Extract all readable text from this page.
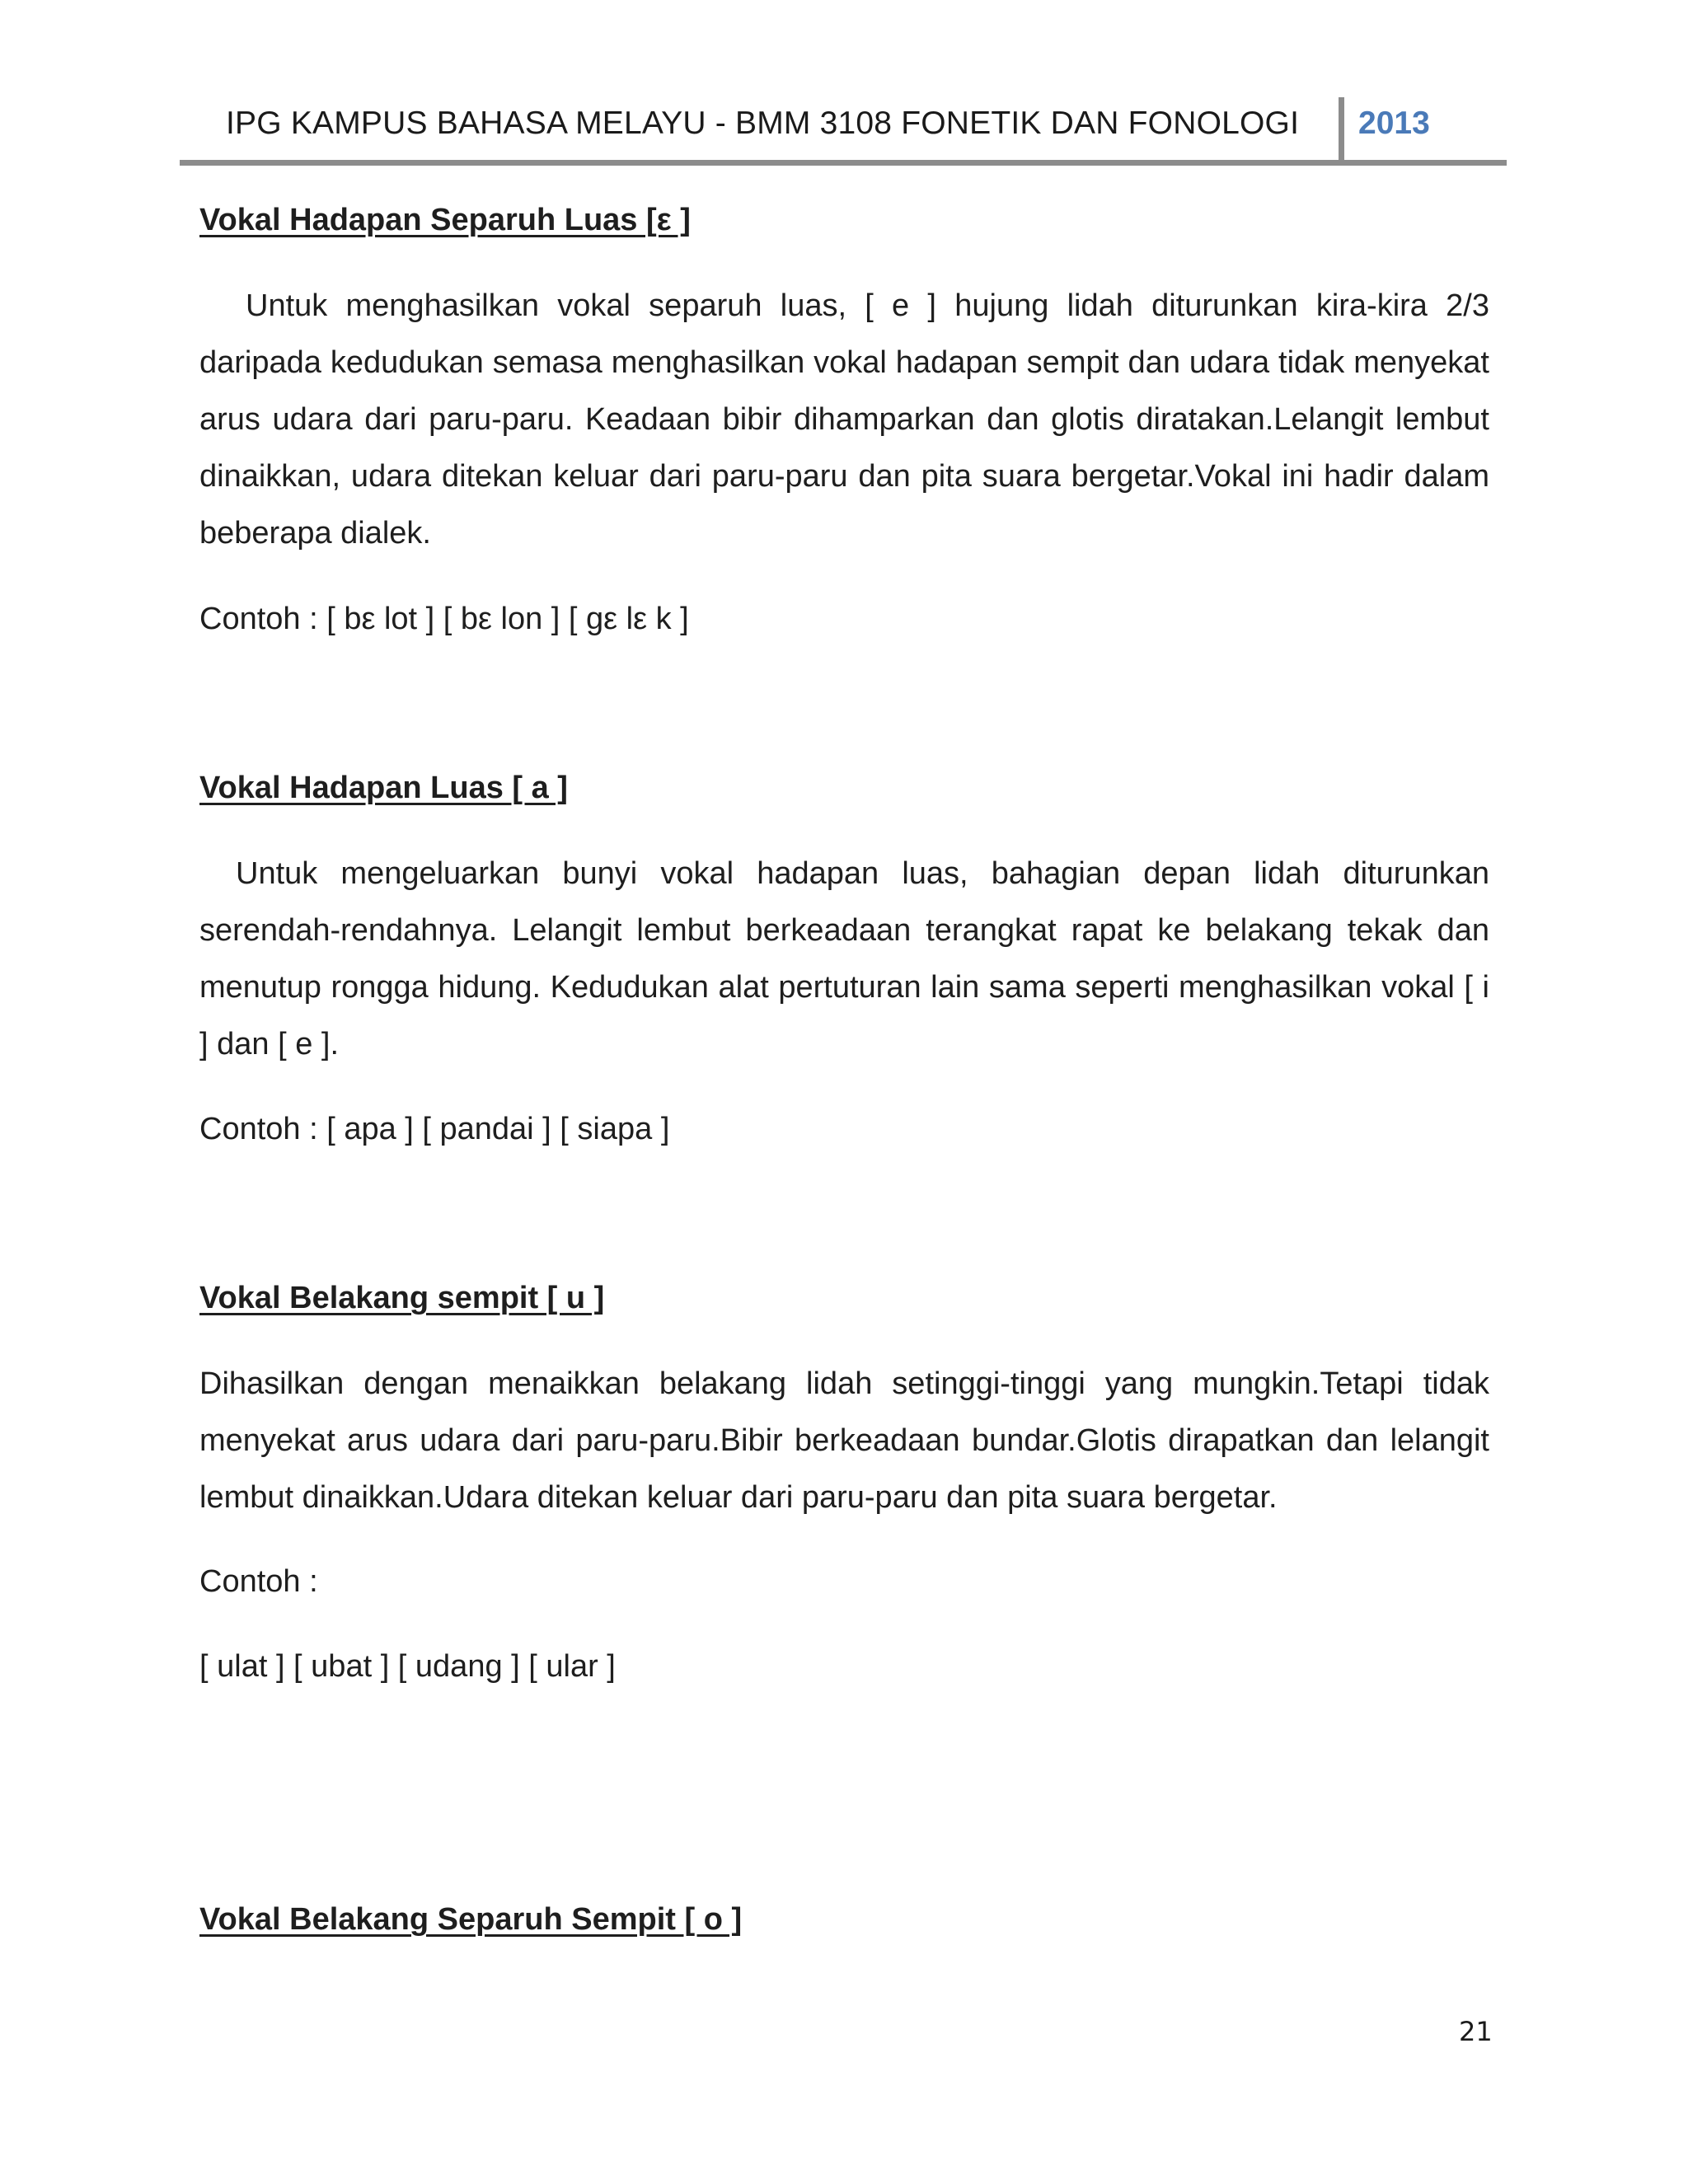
IPG KAMPUS BAHASA MELAYU - BMM 3108 FONETIK DAN FONOLOGI 2013
Vokal Hadapan Separuh Luas [ε ]

Untuk menghasilkan vokal separuh luas, [ e ] hujung lidah diturunkan kira-kira 2/3 daripada kedudukan semasa menghasilkan vokal hadapan sempit dan udara tidak menyekat arus udara dari paru-paru. Keadaan bibir dihamparkan dan glotis diratakan.Lelangit lembut dinaikkan, udara ditekan keluar dari paru-paru dan pita suara bergetar.Vokal ini hadir dalam beberapa dialek.

Contoh : [ bε lot ] [ bε lon ] [ gε lε k ]
Vokal Hadapan Luas [ a ]

Untuk mengeluarkan bunyi vokal hadapan luas, bahagian depan lidah diturunkan serendah-rendahnya. Lelangit lembut berkeadaan terangkat rapat ke belakang tekak dan menutup rongga hidung. Kedudukan alat pertuturan lain sama seperti menghasilkan vokal [ i ] dan [ e ].

Contoh : [ apa ] [ pandai ] [ siapa ]
Vokal Belakang sempit [ u ]

Dihasilkan dengan menaikkan belakang lidah setinggi-tinggi yang mungkin.Tetapi tidak menyekat arus udara dari paru-paru.Bibir berkeadaan bundar.Glotis dirapatkan dan lelangit lembut dinaikkan.Udara ditekan keluar dari paru-paru dan pita suara bergetar.

Contoh :
[ ulat ] [ ubat ] [ udang ] [ ular ]
Vokal Belakang Separuh Sempit [ o ]
21
